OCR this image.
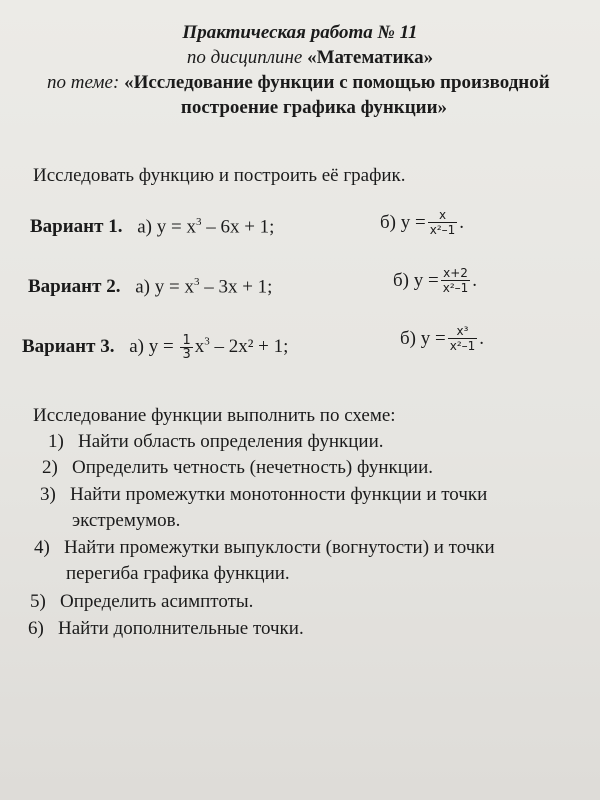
Практическая работа № 11
по дисциплине «Математика»
по теме: «Исследование функции с помощью производной
построение графика функции»
Исследовать функцию и построить её график.
Вариант 1. а) $y = x^3 - 6x + 1$;	б) $y = \frac{x}{\text{x²–1}}$ .
Вариант 2. а) $y = x^3 - 3x + 1$;	б) $y = \frac{x+2}{\text{x²–1}}$ .
Вариант 3. а) $y = \frac{1}{3} x^3 - 2x^2 + 1$;	б) $y = \frac{\text{x³}}{\text{x²–1}}$ .
Исследование функции выполнить по схеме:
1) Найти область определения функции.
2) Определить четность (нечетность) функции.
3) Найти промежутки монотонности функции и точки
экстремумов.
4) Найти промежутки выпуклости (вогнутости) и точки
перегиба графика функции.
5) Определить асимптоты.
6) Найти дополнительные точки.
